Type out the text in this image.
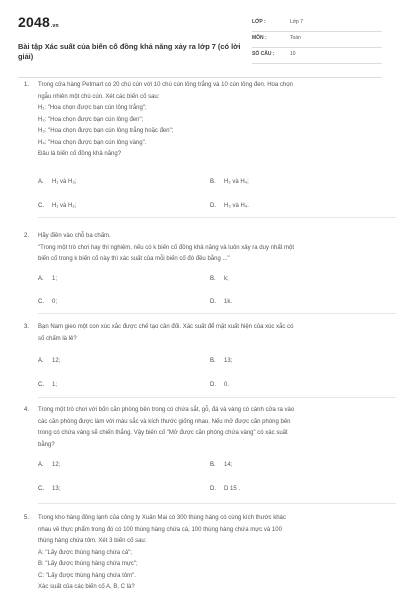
2048.vn
Bài tập Xác suất của biến cố đồng khả năng xảy ra lớp 7 (có lời giải)
LỚP :	Lớp 7
MÔN :	Toán
SỐ CÂU :	10
1. Trong cửa hàng Petmart có 20 chú cún với 10 chú cún lông trắng và 10 cún lông đen. Hoa chọn

ngẫu nhiên một chú cún. Xét các biến cố sau:

H₁: "Hoa chọn được bạn cún lông trắng";

H₂: "Hoa chọn được bạn cún lông đen";

H₃: "Hoa chọn được bạn cún lông trắng hoặc đen";

H₄: "Hoa chọn được bạn cún lông vàng".

Đâu là biến cố đồng khả năng?

A. H₁ và H₃;	B. H₂ và H₄;
C. H₁ và H₂;	D. H₃ và H₄.
2. Hãy điền vào chỗ ba chấm.

"Trong một trò chơi hay thí nghiệm, nếu có k biến cố đồng khả năng và luôn xảy ra duy nhất một

biến cố trong k biến cố này thì xác suất của mỗi biến cố đó đều bằng ..."

A. 1;	B. k;
C. 0;	D. 1k.
3. Bạn Nam gieo một con xúc xắc được chế tạo cân đối. Xác suất để mặt xuất hiện của xúc xắc có

số chấm là lẻ?

A. 12;	B. 13;
C. 1;	D. 0.
4. Trong một trò chơi với bốn căn phòng bên trong có chứa sắt, gỗ, đá và vàng có cánh cửa ra vào

các căn phòng được làm với màu sắc và kích thước giống nhau. Nếu mở được căn phòng bên

trong có chứa vàng sẽ chiến thắng. Vậy biến cố "Mở được căn phòng chứa vàng" có xác suất

bằng?

A. 12;	B. 14;
C. 13;	D. D 15 .
5. Trong kho hàng đông lạnh của công ty Xuân Mai có 300 thùng hàng có cùng kích thước khác

nhau về thực phẩm trong đó có 100 thùng hàng chứa cá, 100 thùng hàng chứa mực và 100

thùng hàng chứa tôm. Xét 3 biến cố sau:

A: "Lấy được thùng hàng chứa cá";

B: "Lấy được thùng hàng chứa mực";

C: "Lấy được thùng hàng chứa tôm".

Xác suất của các biến cố A, B, C là?
